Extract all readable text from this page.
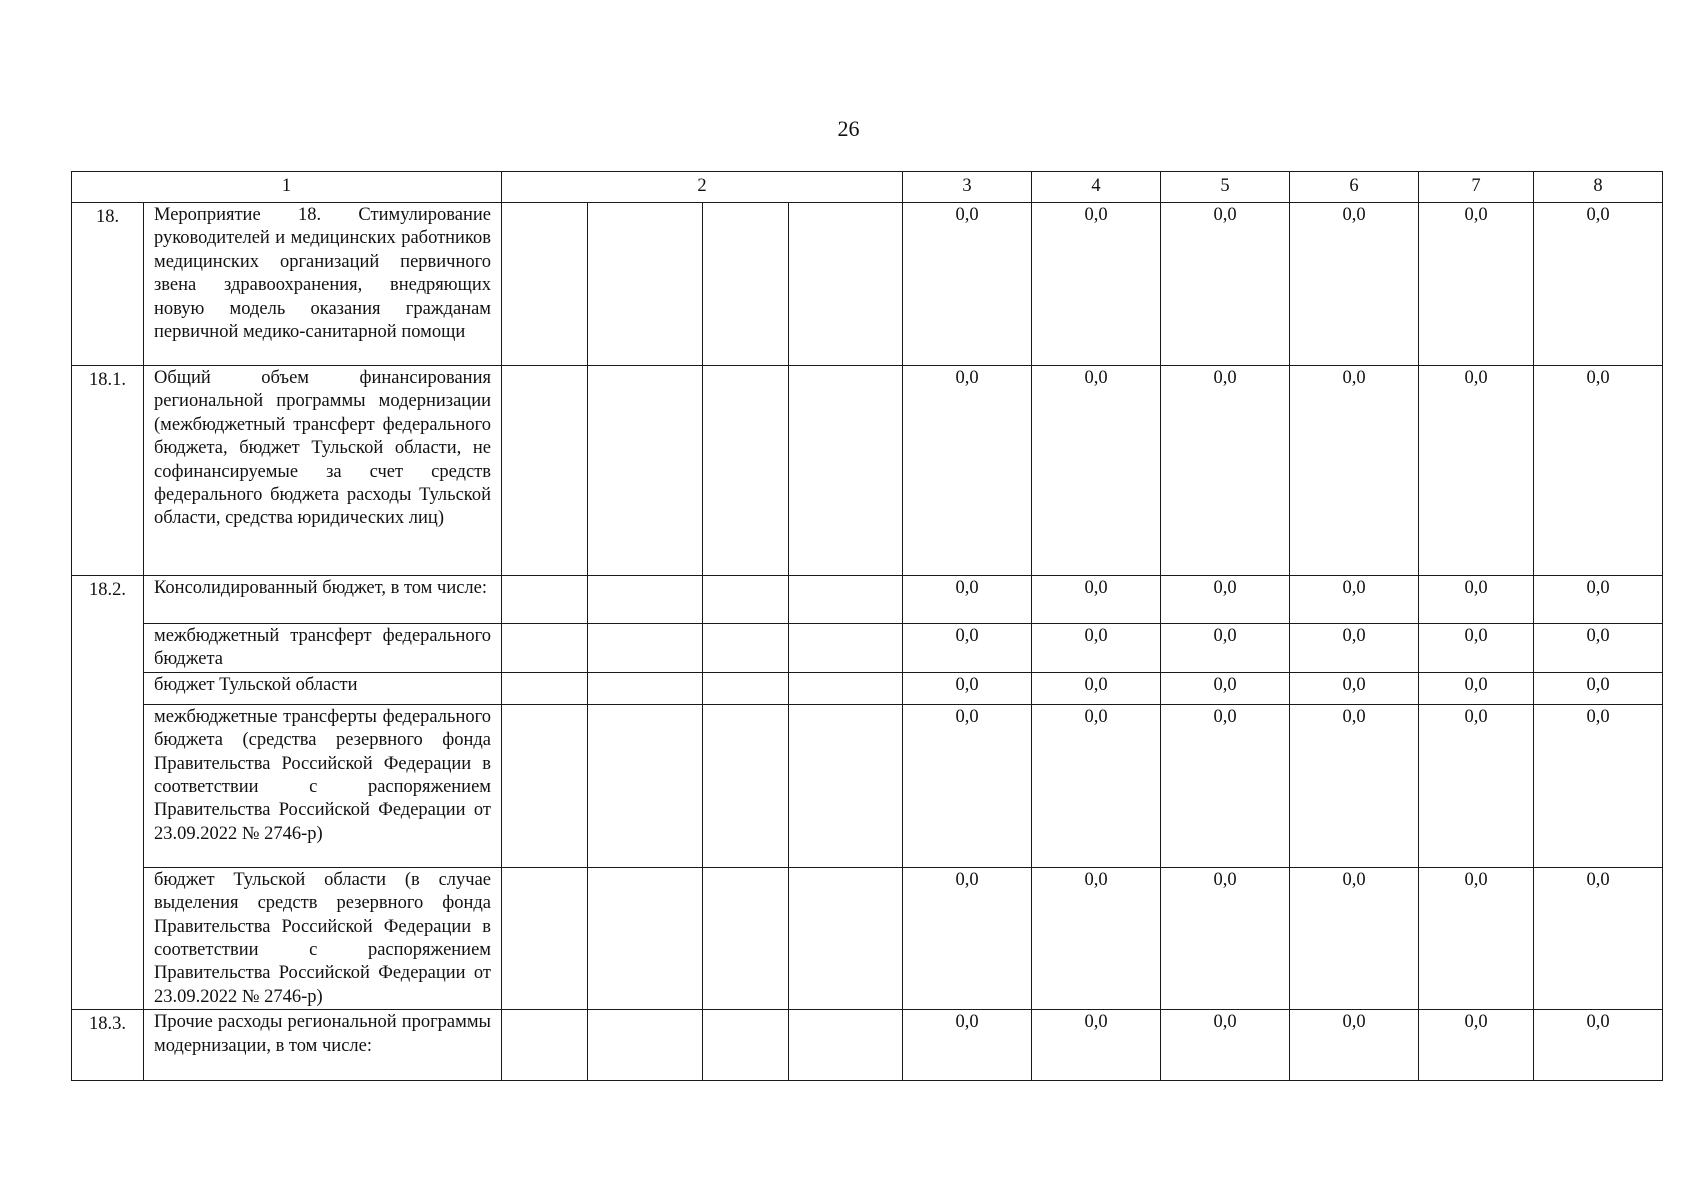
26
1		2				3	4	5	6	7	8
18.	Мероприятие 18. Стимулирование руководителей и медицинских работников медицинских организаций первичного звена здравоохранения, внедряющих новую модель оказания гражданам первичной медико-санитарной помощи					0,0	0,0	0,0	0,0	0,0	0,0
18.1.	Общий объем финансирования региональной программы модернизации (межбюджетный трансферт федерального бюджета, бюджет Тульской области, не софинансируемые за счет средств федерального бюджета расходы Тульской области, средства юридических лиц)					0,0	0,0	0,0	0,0	0,0	0,0
18.2.	Консолидированный бюджет, в том числе:					0,0	0,0	0,0	0,0	0,0	0,0
	межбюджетный трансферт федерального бюджета					0,0	0,0	0,0	0,0	0,0	0,0
	бюджет Тульской области					0,0	0,0	0,0	0,0	0,0	0,0
	межбюджетные трансферты федерального бюджета (средства резервного фонда Правительства Российской Федерации в соответствии с распоряжением Правительства Российской Федерации от 23.09.2022 № 2746-р)					0,0	0,0	0,0	0,0	0,0	0,0
	бюджет Тульской области (в случае выделения средств резервного фонда Правительства Российской Федерации в соответствии с распоряжением Правительства Российской Федерации от 23.09.2022 № 2746-р)					0,0	0,0	0,0	0,0	0,0	0,0
18.3.	Прочие расходы региональной программы модернизации, в том числе:					0,0	0,0	0,0	0,0	0,0	0,0
